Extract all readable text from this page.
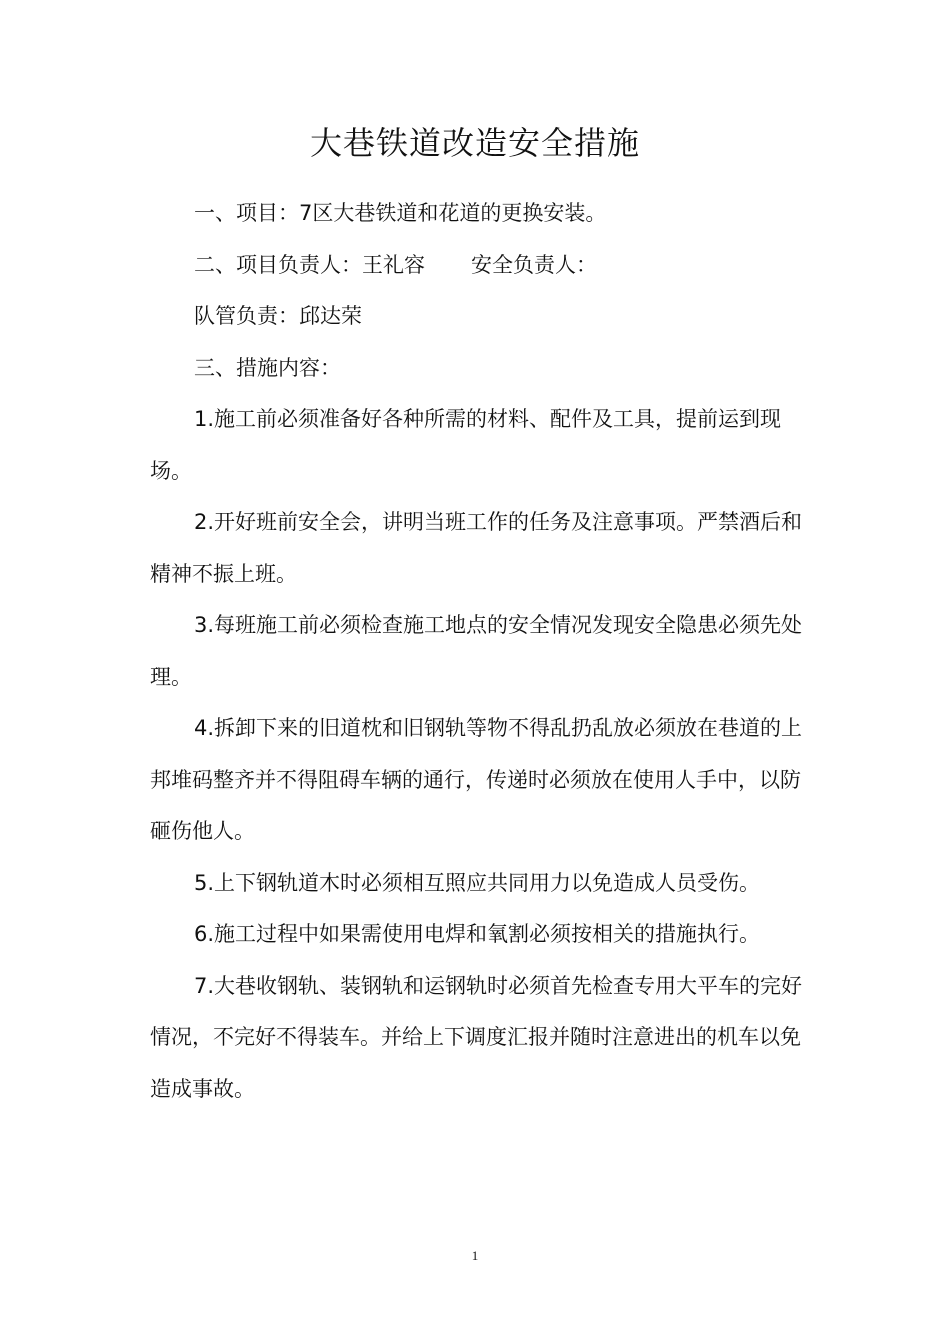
大巷铁道改造安全措施

一、项目：7区大巷铁道和花道的更换安装。

二、项目负责人：王礼容 安全负责人：

队管负责：邱达荣

三、措施内容：

1.施工前必须准备好各种所需的材料、配件及工具，提前运到现场。

2.开好班前安全会，讲明当班工作的任务及注意事项。严禁酒后和精神不振上班。

3.每班施工前必须检查施工地点的安全情况发现安全隐患必须先处理。

4.拆卸下来的旧道枕和旧钢轨等物不得乱扔乱放必须放在巷道的上邦堆码整齐并不得阻碍车辆的通行，传递时必须放在使用人手中，以防砸伤他人。

5.上下钢轨道木时必须相互照应共同用力以免造成人员受伤。

6.施工过程中如果需使用电焊和氧割必须按相关的措施执行。

7.大巷收钢轨、装钢轨和运钢轨时必须首先检查专用大平车的完好情况，不完好不得装车。并给上下调度汇报并随时注意进出的机车以免造成事故。

1
